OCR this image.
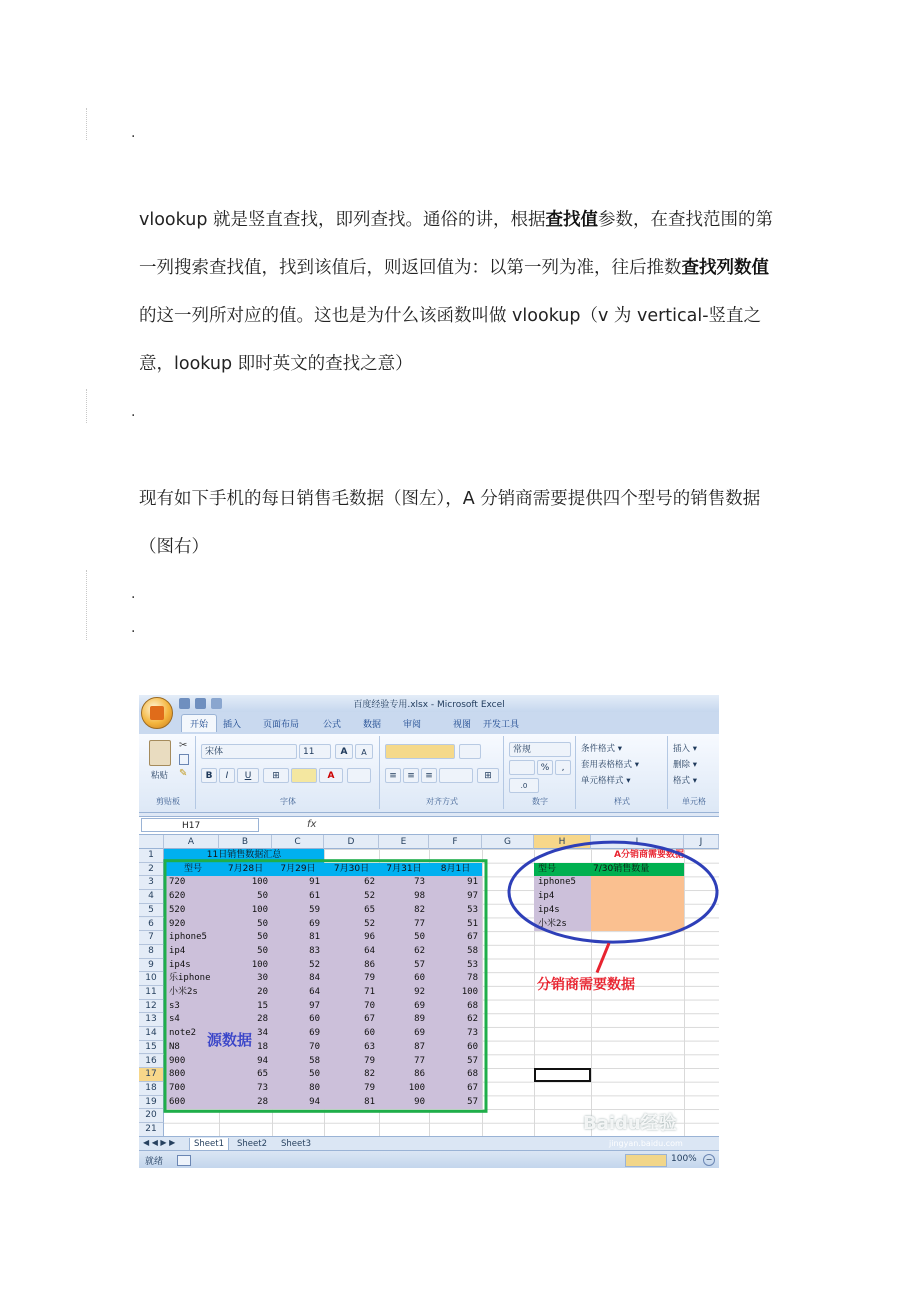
·
·
·
·
vlookup 就是竖直查找，即列查找。通俗的讲，根据查找值参数，在查找范围的第一列搜索查找值，找到该值后，则返回值为：以第一列为准，往后推数查找列数值的这一列所对应的值。这也是为什么该函数叫做 vlookup（v 为 vertical-竖直之意，lookup 即时英文的查找之意）
现有如下手机的每日销售毛数据（图左），A 分销商需要提供四个型号的销售数据（图右）
百度经验专用.xlsx - Microsoft Excel
开始	插入 页面布局	公式 数据 审阅	视图 开发工具
粘贴
✂
✎
剪贴板
宋体	11	A	A
B	I	U	⊞	A
字体
≡	≡	≡	⊞
对齐方式
常规
%	,
.0
数字
条件格式 ▾
套用表格格式 ▾
单元格样式 ▾
样式
插入 ▾
删除 ▾
格式 ▾
单元格
H17	fx
A	B	C	D	E	F	G	H	I	J
1
2
3
4
5
6
7
8
9
10
11
12
13
14
15
16
17
18
19
20
21
11日销售数据汇总
型号	7月28日	7月29日	7月30日	7月31日	8月1日
720	100	91	62	73	91
620	50	61	52	98	97
520	100	59	65	82	53
920	50	69	52	77	51
iphone5	50	81	96	50	67
ip4	50	83	64	62	58
ip4s	100	52	86	57	53
乐iphone	30	84	79	60	78
小米2s	20	64	71	92	100
s3	15	97	70	69	68
s4	28	60	67	89	62
note2	34	69	60	69	73
N8	18	70	63	87	60
900	94	58	79	77	57
800	65	50	82	86	68
700	73	80	79	100	67
600	28	94	81	90	57
A分销商需要数据
型号	7/30销售数量
iphone5
ip4
ip4s
小米2s
◀ ◀ ▶ ▶	Sheet1	Sheet2	Sheet3
就绪	100%	−
源数据
分销商需要数据
Baidu经验
jingyan.baidu.com
